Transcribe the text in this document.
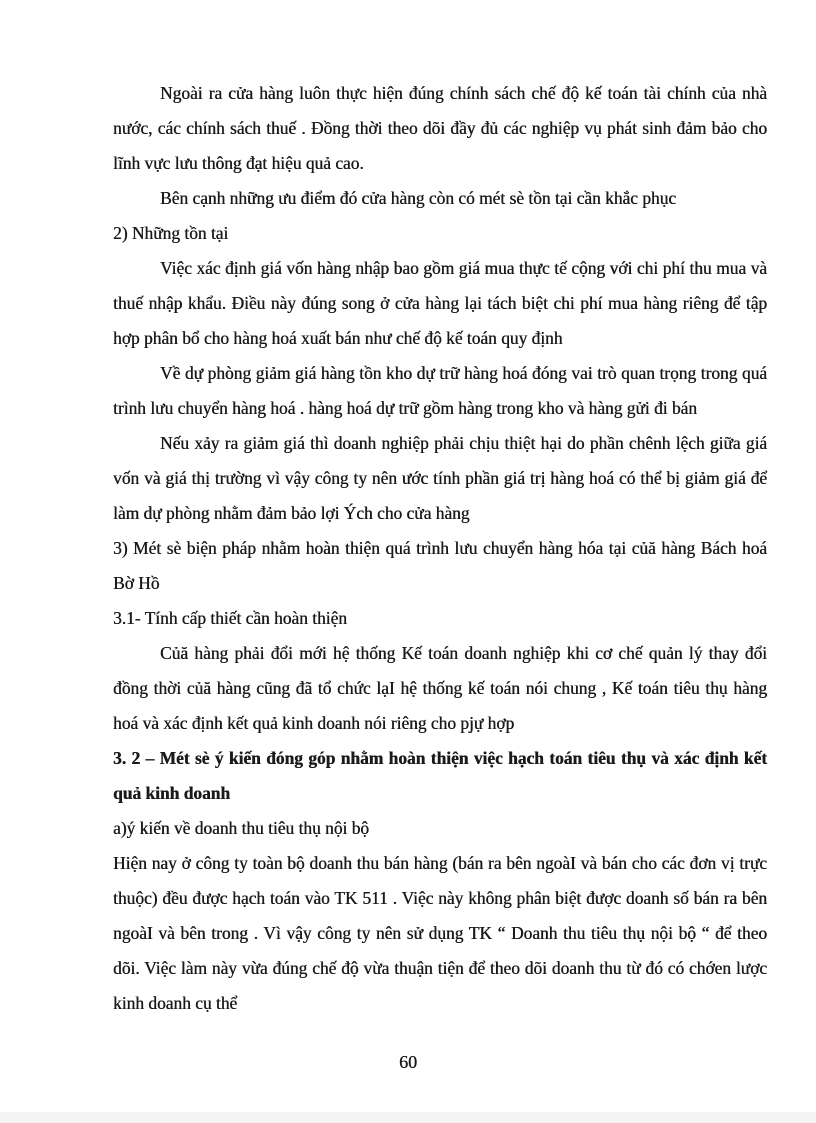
Ngoài ra cửa hàng luôn thực hiện đúng chính sách chế độ kế toán tài chính của nhà nước, các chính sách thuế . Đồng thời theo dõi đầy đủ các nghiệp vụ phát sinh đảm bảo cho lĩnh vực lưu thông đạt hiệu quả cao.

Bên cạnh những ưu điểm đó cửa hàng còn có mét sè tồn tại cần khắc phục

2) Những tồn tại

Việc xác định giá vốn hàng nhập bao gồm giá mua thực tế cộng với chi phí thu mua và thuế nhập khẩu. Điều này đúng song ở cửa hàng lại tách biệt chi phí mua hàng riêng để tập hợp phân bổ cho hàng hoá xuất bán như chế độ kế toán quy định

Về dự phòng giảm giá hàng tồn kho dự trữ hàng hoá đóng vai trò quan trọng trong quá trình lưu chuyển hàng hoá . hàng hoá dự trữ gồm hàng trong kho và hàng gửi đi bán

Nếu xảy ra giảm giá thì doanh nghiệp phải chịu thiệt hại do phần chênh lệch giữa giá vốn và giá thị trường vì vậy công ty nên ước tính phần giá trị hàng hoá có thể bị giảm giá để làm dự phòng nhằm đảm bảo lợi Ých cho cửa hàng

3) Mét sè biện pháp nhằm hoàn thiện quá trình lưu chuyển hàng hóa tại củă hàng Bách hoá Bờ Hồ

3.1- Tính cấp thiết cần hoàn thiện

Củă hàng phải đổi mới hệ thống Kế toán doanh nghiệp khi cơ chế quản lý thay đổi đồng thời củă hàng cũng đã tổ chức lạI hệ thống kế toán nói chung , Kế toán tiêu thụ hàng hoá và xác định kết quả kinh doanh nói riêng cho pjự hợp

3. 2 – Mét sè ý kiến đóng góp nhằm hoàn thiện việc hạch toán tiêu thụ và xác định kết quả kinh doanh

a)ý kiến về doanh thu tiêu thụ nội bộ

Hiện nay ở công ty toàn bộ doanh thu bán hàng (bán ra bên ngoàI và bán cho các đơn vị trực thuộc) đều được hạch toán vào TK 511 . Việc này không phân biệt được doanh số bán ra bên ngoàI và bên trong . Vì vậy công ty nên sử dụng TK “ Doanh thu tiêu thụ nội bộ “ để theo dõi. Việc làm này vừa đúng chế độ vừa thuận tiện để theo dõi doanh thu từ đó có chớen lược kinh doanh cụ thể

60
